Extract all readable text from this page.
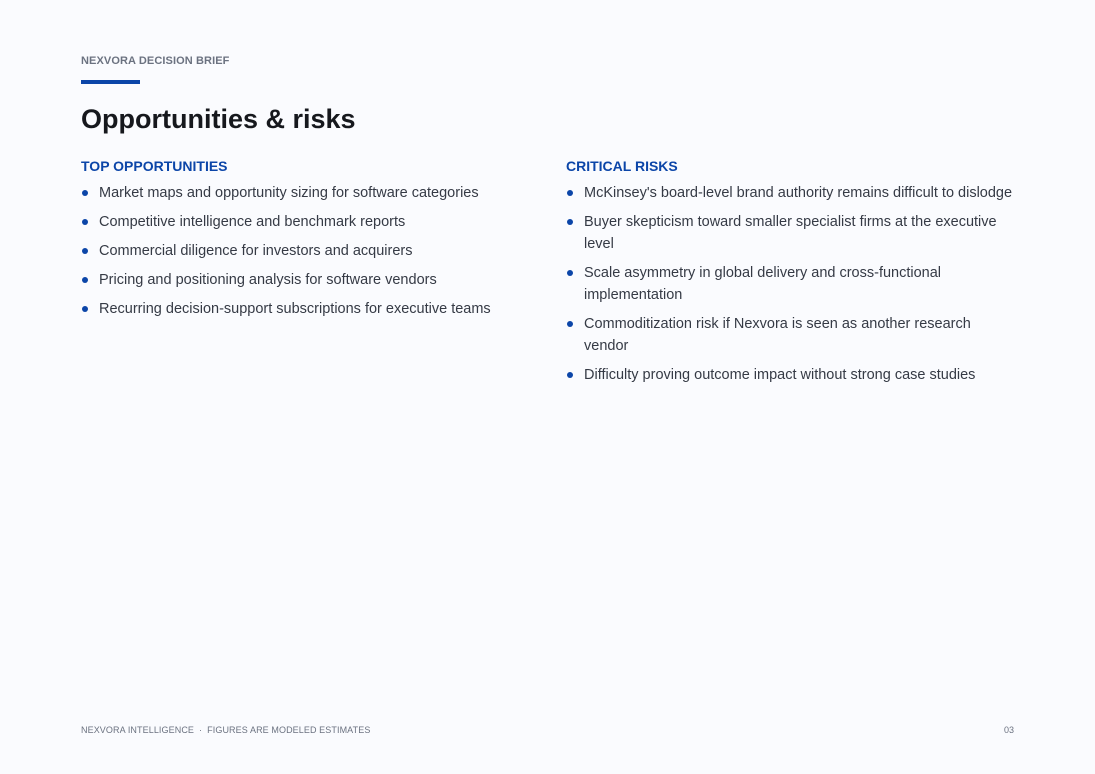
NEXVORA DECISION BRIEF
Opportunities & risks
TOP OPPORTUNITIES
Market maps and opportunity sizing for software categories
Competitive intelligence and benchmark reports
Commercial diligence for investors and acquirers
Pricing and positioning analysis for software vendors
Recurring decision-support subscriptions for executive teams
CRITICAL RISKS
McKinsey's board-level brand authority remains difficult to dislodge
Buyer skepticism toward smaller specialist firms at the executive level
Scale asymmetry in global delivery and cross-functional implementation
Commoditization risk if Nexvora is seen as another research vendor
Difficulty proving outcome impact without strong case studies
NEXVORA INTELLIGENCE · FIGURES ARE MODELED ESTIMATES	03
